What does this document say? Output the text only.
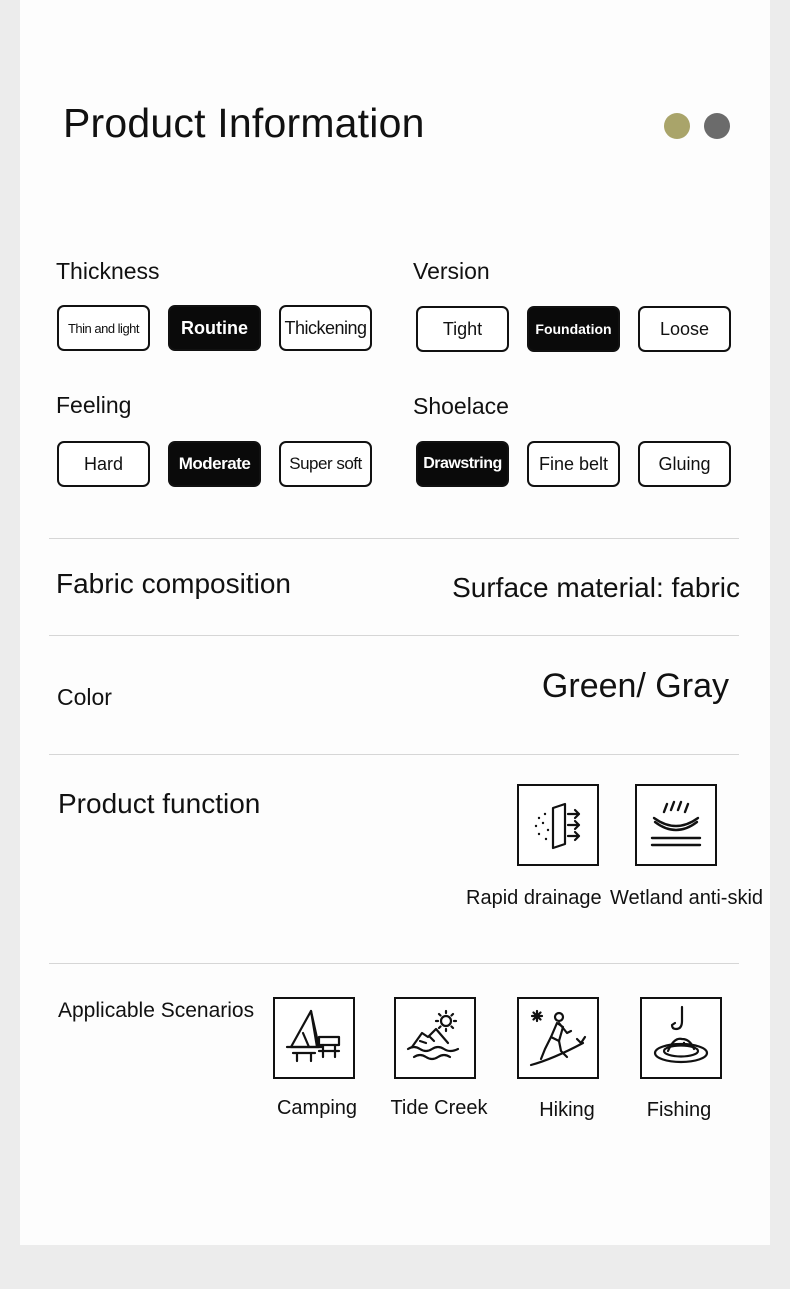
Product Information
Thickness
Thin and light	Routine	Thickening
Version
Tight	Foundation	Loose
Feeling
Hard	Moderate	Super soft
Shoelace
Drawstring	Fine belt	Gluing
Fabric composition	Surface material: fabric
Color	Green/ Gray
Product function
Rapid drainage Wetland anti-skid
Applicable Scenarios
Camping Tide Creek	Hiking	Fishing
